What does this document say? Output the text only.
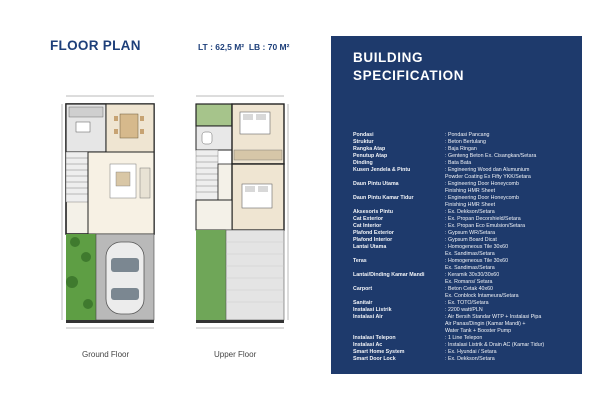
FLOOR PLAN	LT : 62,5 M² LB : 70 M²
Ground Floor	Upper Floor
BUILDING
SPECIFICATION
Pondasi	: Pondasi Pancang
Struktur	: Beton Bertulang
Rangka Atap	: Baja Ringan
Penutup Atap	: Genteng Beton Ex. Cisangkan/Setara
Dinding	: Bata Bata
Kusen Jendela & Pintu	: Engineering Wood dan Alumunium
Powder Coating Ex Fifty YKK/Setara
Daun Pintu Utama	: Engineering Door Honeycomb
Finishing HMR Sheet
Daun Pintu Kamar Tidur	: Engineering Door Honeycomb
Finishing HMR Sheet
Aksesoris Pintu	: Ex. Dekkson/Setara
Cat Exterior	: Ex. Propan Decorshield/Setara
Cat Interior	: Ex. Propan Eco Emulsion/Setara
Plafond Exterior	: Gypsum WR/Setara
Plafond Interior	: Gypsum Board Dicat
Lantai Utama	: Homogeneous Tile 30x60
Ex. Sandimas/Setara
Teras	: Homogeneous Tile 30x60
Ex. Sandimas/Setara
Lantai/Dinding Kamar Mandi	: Keramik 30x30/30x60
Ex. Romans/ Setara
Carport	: Beton Cetak 40x60
Ex. Conblock Intameura/Setara
Sanitair	: Ex. TOTO/Setara
Instalasi Listrik	: 2200 watt/PLN
Instalasi Air	: Air Bersih Standar WTP + Instalasi Pipa
Air Panas/Dingin (Kamar Mandi) +
Water Tank + Booster Pump
Instalasi Telepon	: 1 Line Telepon
Instalasi Ac	: Instalasi Listrik & Drain AC (Kamar Tidur)
Smart Home System	: Ex. Hyundai / Setara
Smart Door Lock	: Ex. Dekkson/Setara
